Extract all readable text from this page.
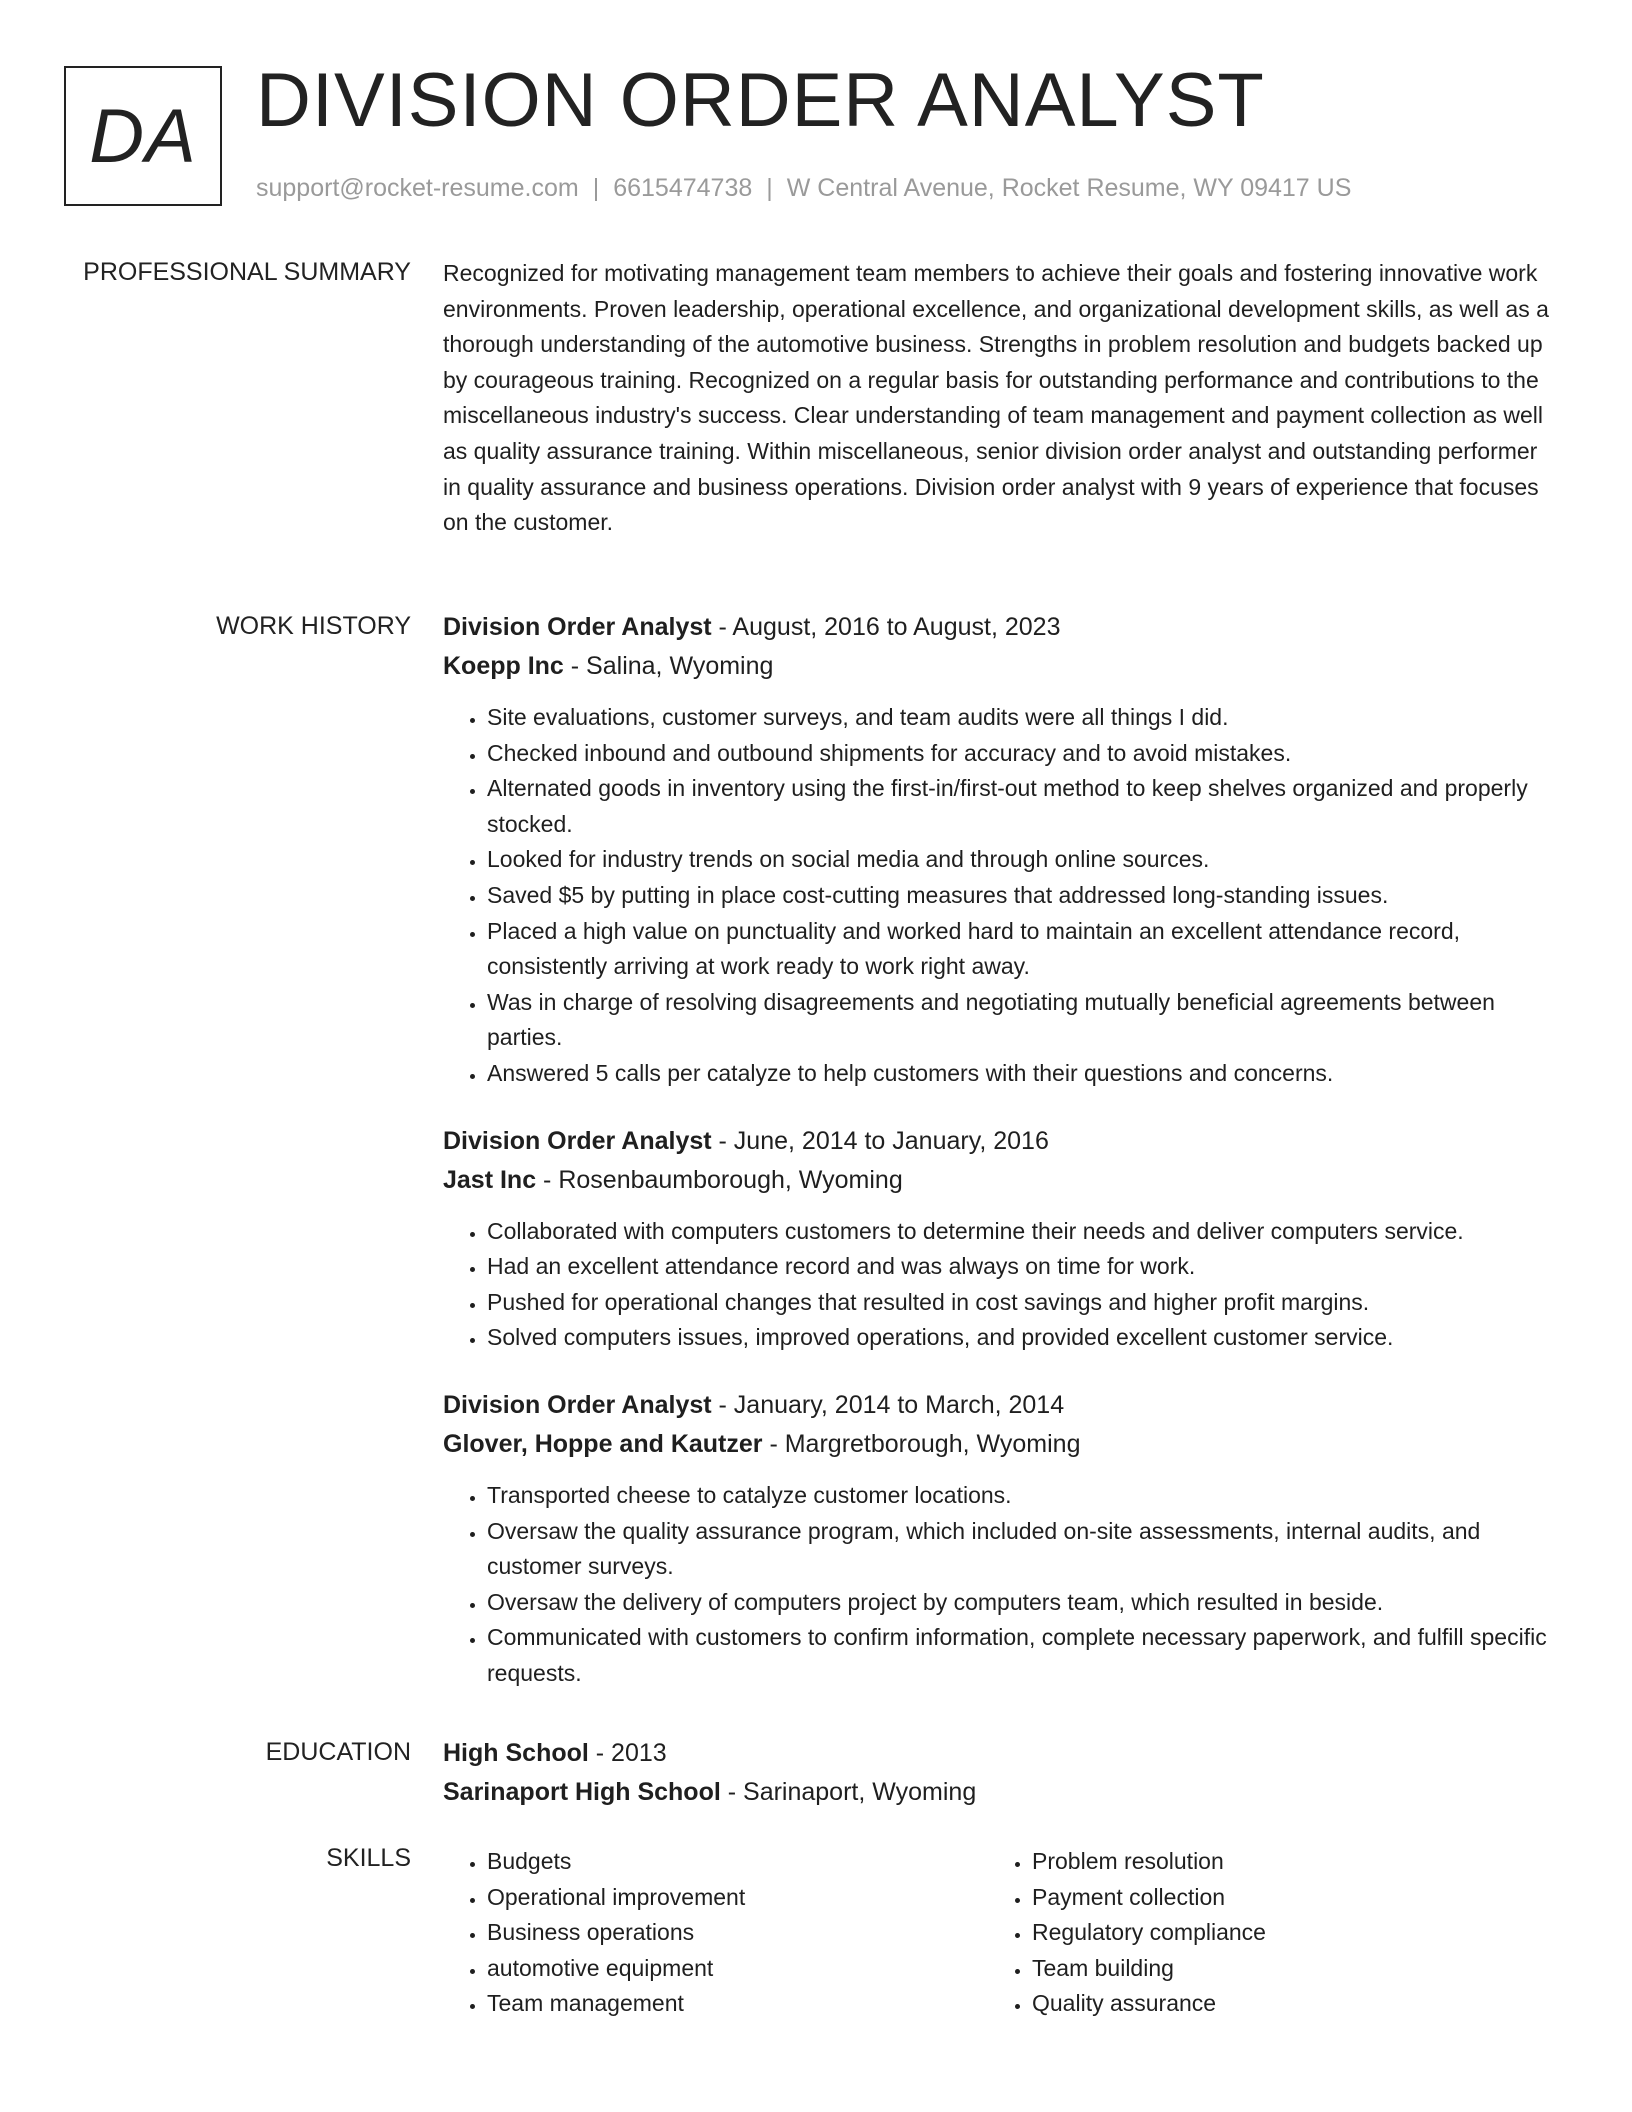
DA DIVISION ORDER ANALYST
support@rocket-resume.com | 6615474738 | W Central Avenue, Rocket Resume, WY 09417 US
PROFESSIONAL SUMMARY Recognized for motivating management team members to achieve their goals and fostering innovative work environments. Proven leadership, operational excellence, and organizational development skills, as well as a thorough understanding of the automotive business. Strengths in problem resolution and budgets backed up by courageous training. Recognized on a regular basis for outstanding performance and contributions to the miscellaneous industry's success. Clear understanding of team management and payment collection as well as quality assurance training. Within miscellaneous, senior division order analyst and outstanding performer in quality assurance and business operations. Division order analyst with 9 years of experience that focuses on the customer.

WORK HISTORY Division Order Analyst - August, 2016 to August, 2023
Koepp Inc - Salina, Wyoming
• Site evaluations, customer surveys, and team audits were all things I did.
• Checked inbound and outbound shipments for accuracy and to avoid mistakes.
• Alternated goods in inventory using the first-in/first-out method to keep shelves organized and properly stocked.
• Looked for industry trends on social media and through online sources.
• Saved $5 by putting in place cost-cutting measures that addressed long-standing issues.
• Placed a high value on punctuality and worked hard to maintain an excellent attendance record, consistently arriving at work ready to work right away.
• Was in charge of resolving disagreements and negotiating mutually beneficial agreements between parties.
• Answered 5 calls per catalyze to help customers with their questions and concerns.
Division Order Analyst - June, 2014 to January, 2016
Jast Inc - Rosenbaumborough, Wyoming
• Collaborated with computers customers to determine their needs and deliver computers service.
• Had an excellent attendance record and was always on time for work.
• Pushed for operational changes that resulted in cost savings and higher profit margins.
• Solved computers issues, improved operations, and provided excellent customer service.
Division Order Analyst - January, 2014 to March, 2014
Glover, Hoppe and Kautzer - Margretborough, Wyoming
• Transported cheese to catalyze customer locations.
• Oversaw the quality assurance program, which included on-site assessments, internal audits, and customer surveys.
• Oversaw the delivery of computers project by computers team, which resulted in beside.
• Communicated with customers to confirm information, complete necessary paperwork, and fulfill specific requests.
EDUCATION High School - 2013
Sarinaport High School - Sarinaport, Wyoming
SKILLS
•	Budgets
• Operational improvement
• Business operations
• automotive equipment
• Team management
• Problem resolution
• Payment collection
• Regulatory compliance
• Team building
• Quality assurance
